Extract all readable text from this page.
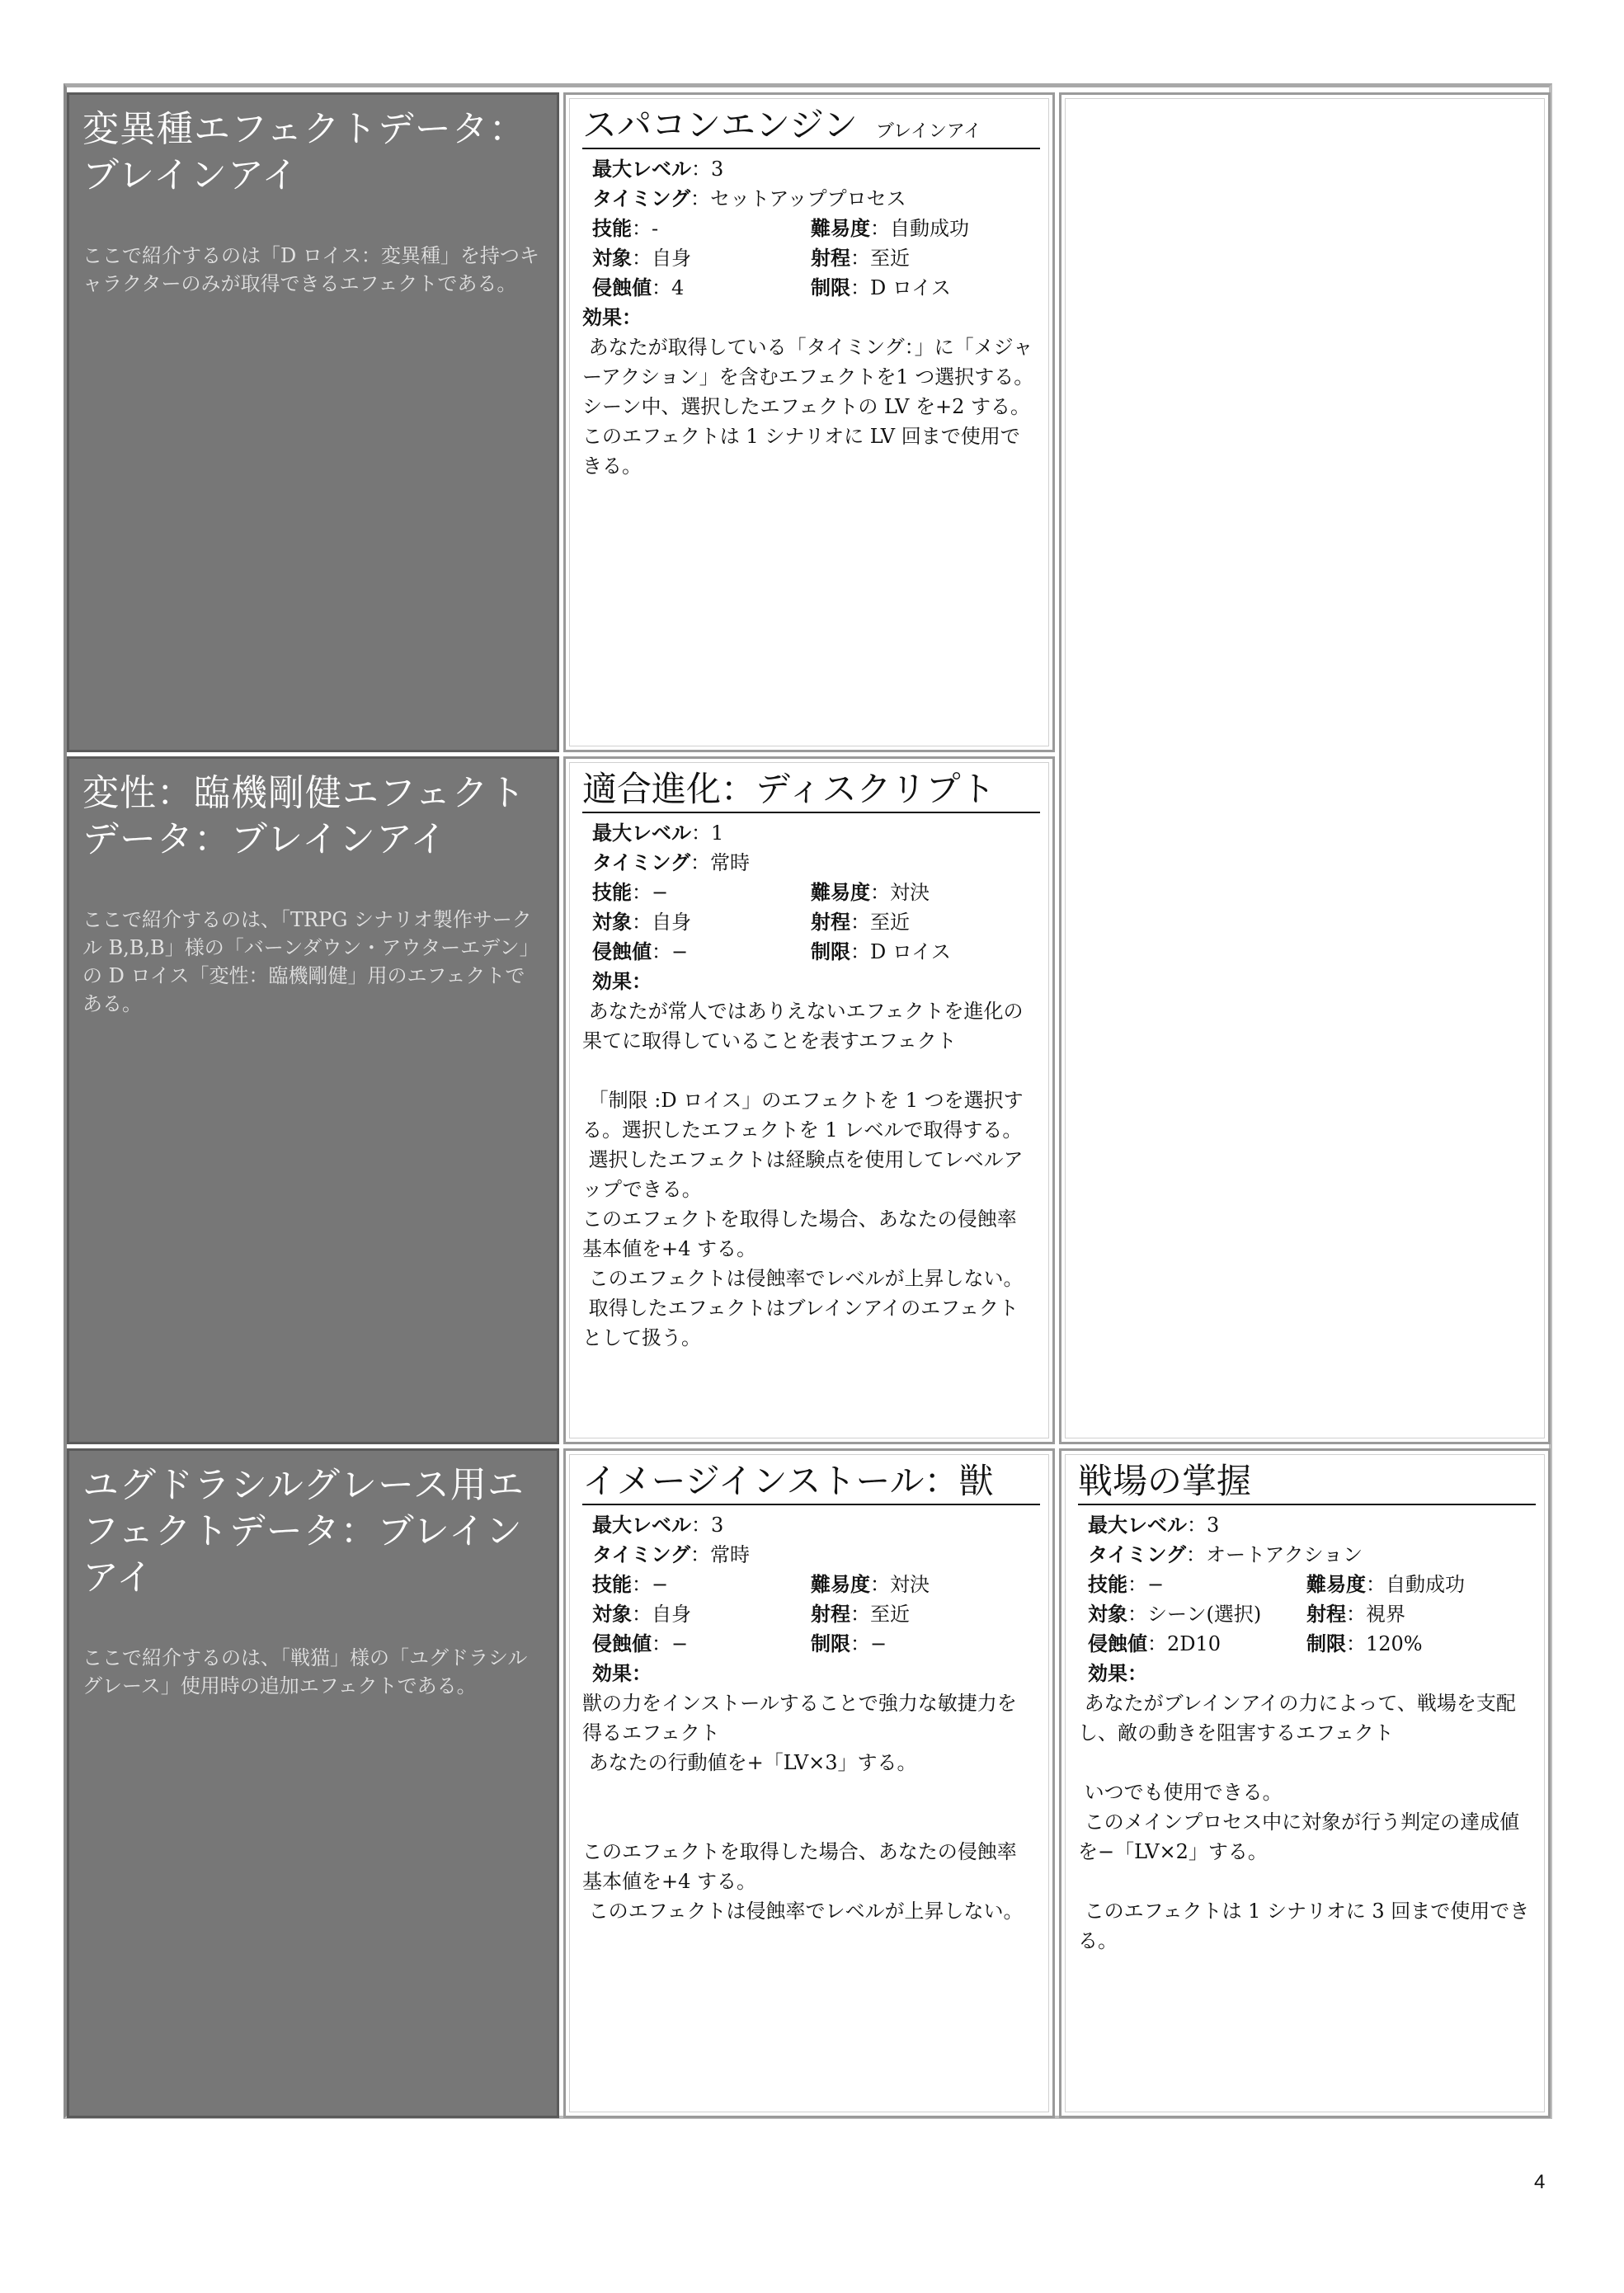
変異種エフェクトデータ：
ブレインアイ

ここで紹介するのは「D ロイス：変異種」を持つキャラクターのみが取得できるエフェクトである。

スパコンエンジン ブレインアイ
最大レベル：3
タイミング：セットアッププロセス
技能：-	難易度：自動成功
対象：自身	射程：至近
侵蝕値：4	制限：D ロイス
効果：
あなたが取得している「タイミング：」に「メジャーアクション」を含むエフェクトを1 つ選択する。
シーン中、選択したエフェクトの LV を+2 する。
このエフェクトは 1 シナリオに LV 回まで使用できる。
変性：臨機剛健エフェクトデータ：ブレインアイ

ここで紹介するのは、「TRPG シナリオ製作サークル B,B,B」様の「バーンダウン・アウターエデン」の D ロイス「変性：臨機剛健」用のエフェクトである。

適合進化：ディスクリプト
最大レベル：1
タイミング：常時
技能：−	難易度：対決
対象：自身	射程：至近
侵蝕値：−	制限：D ロイス
効果：
あなたが常人ではありえないエフェクトを進化の果てに取得していることを表すエフェクト

「制限 :D ロイス」のエフェクトを 1 つを選択する。選択したエフェクトを 1 レベルで取得する。
選択したエフェクトは経験点を使用してレベルアップできる。
このエフェクトを取得した場合、あなたの侵蝕率基本値を+4 する。
このエフェクトは侵蝕率でレベルが上昇しない。
取得したエフェクトはブレインアイのエフェクトとして扱う。
ユグドラシルグレース用エフェクトデータ：ブレインアイ

ここで紹介するのは、「戦猫」様の「ユグドラシルグレース」使用時の追加エフェクトである。

イメージインストール：獣
最大レベル：3
タイミング：常時
技能：−	難易度：対決
対象：自身	射程：至近
侵蝕値：−	制限：−
効果：
獣の力をインストールすることで強力な敏捷力を得るエフェクト
あなたの行動値を+「LV×3」する。

このエフェクトを取得した場合、あなたの侵蝕率基本値を+4 する。
このエフェクトは侵蝕率でレベルが上昇しない。
戦場の掌握
最大レベル：3
タイミング：オートアクション
技能：−	難易度：自動成功
対象：シーン(選択)	射程：視界
侵蝕値：2D10	制限：120%
効果：
あなたがブレインアイの力によって、戦場を支配し、敵の動きを阻害するエフェクト

いつでも使用できる。
このメインプロセス中に対象が行う判定の達成値を−「LV×2」する。

このエフェクトは 1 シナリオに 3 回まで使用できる。
4
